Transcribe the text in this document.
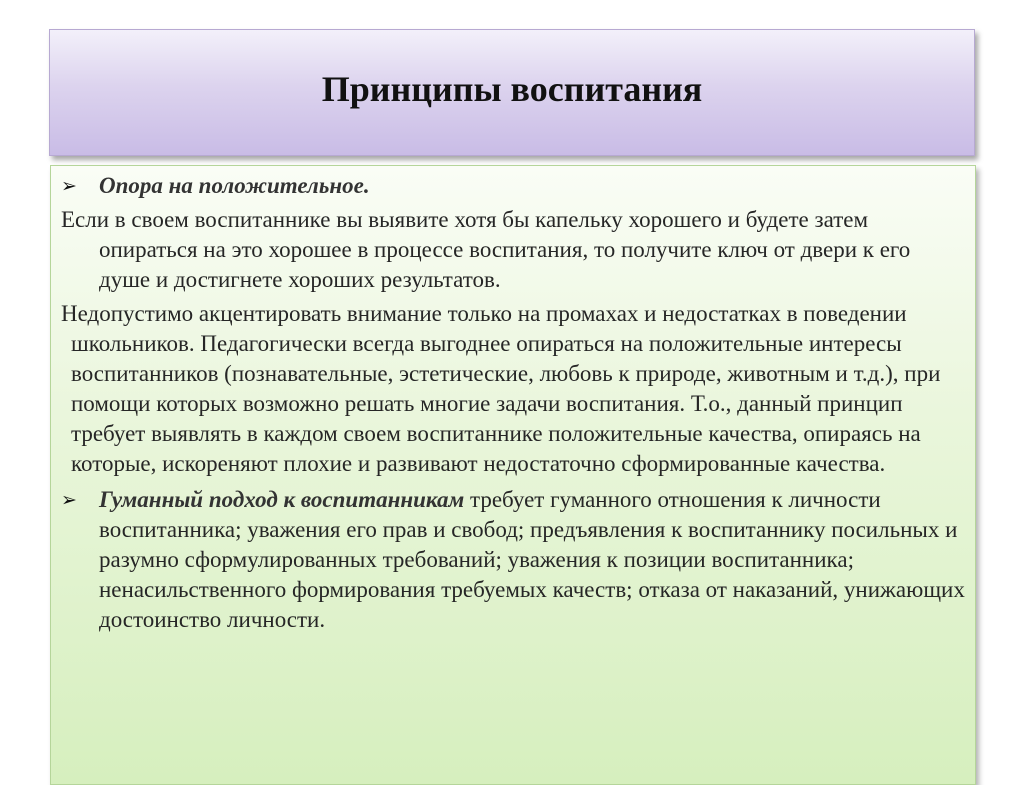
Принципы воспитания

➢ Опора на положительное.

Если в своем воспитаннике вы выявите хотя бы капельку хорошего и будете затем опираться на это хорошее в процессе воспитания, то получите ключ от двери к его душе и достигнете хороших результатов.

Недопустимо акцентировать внимание только на промахах и недостатках в поведении школьников. Педагогически всегда выгоднее опираться на положительные интересы воспитанников (познавательные, эстетические, любовь к природе, животным и т.д.), при помощи которых возможно решать многие задачи воспитания. Т.о., данный принцип требует выявлять в каждом своем воспитаннике положительные качества, опираясь на которые, искореняют плохие и развивают недостаточно сформированные качества.

➢ Гуманный подход к воспитанникам требует гуманного отношения к личности воспитанника; уважения его прав и свобод; предъявления к воспитаннику посильных и разумно сформулированных требований; уважения к позиции воспитанника; ненасильственного формирования требуемых качеств; отказа от наказаний, унижающих достоинство личности.
